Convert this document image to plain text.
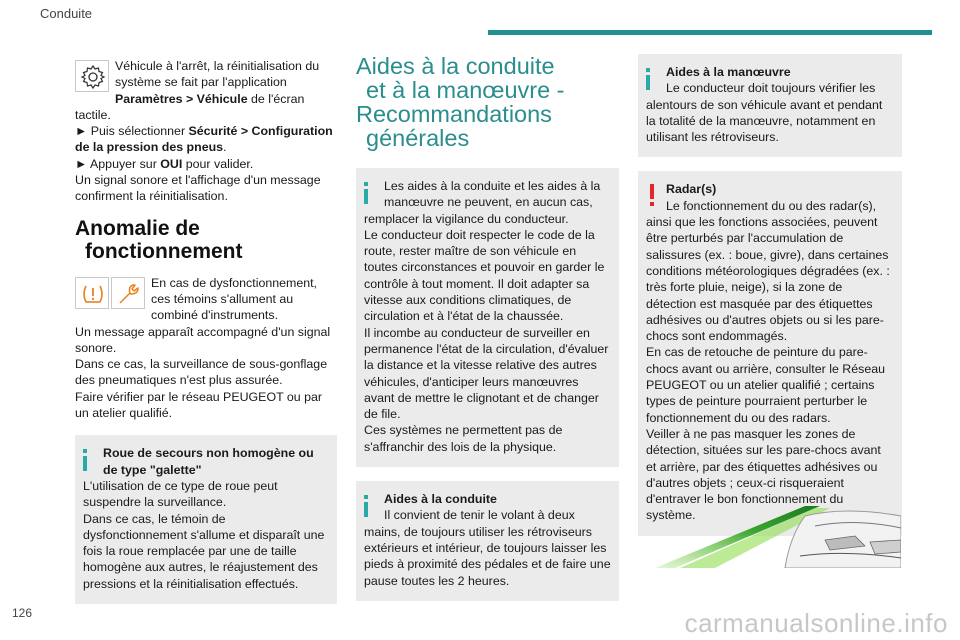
Conduite
Véhicule à l'arrêt, la réinitialisation du système se fait par l'application Paramètres > Véhicule de l'écran tactile.

► Puis sélectionner Sécurité > Configuration de la pression des pneus.

► Appuyer sur OUI pour valider.

Un signal sonore et l'affichage d'un message confirment la réinitialisation.

Anomalie de
fonctionnement
En cas de dysfonctionnement, ces témoins s'allument au combiné d'instruments.

Un message apparaît accompagné d'un signal sonore.

Dans ce cas, la surveillance de sous-gonflage des pneumatiques n'est plus assurée.

Faire vérifier par le réseau PEUGEOT ou par un atelier qualifié.

Roue de secours non homogène ou de type "galette"

L'utilisation de ce type de roue peut suspendre la surveillance.

Dans ce cas, le témoin de dysfonctionnement s'allume et disparaît une fois la roue remplacée par une de taille homogène aux autres, le réajustement des pressions et la réinitialisation effectués.

Aides à la conduite
et à la manœuvre -
Recommandations
générales

Les aides à la conduite et les aides à la manœuvre ne peuvent, en aucun cas, remplacer la vigilance du conducteur.

Le conducteur doit respecter le code de la route, rester maître de son véhicule en toutes circonstances et pouvoir en garder le contrôle à tout moment. Il doit adapter sa vitesse aux conditions climatiques, de circulation et à l'état de la chaussée.

Il incombe au conducteur de surveiller en permanence l'état de la circulation, d'évaluer la distance et la vitesse relative des autres véhicules, d'anticiper leurs manœuvres avant de mettre le clignotant et de changer de file.

Ces systèmes ne permettent pas de s'affranchir des lois de la physique.

Aides à la conduite

Il convient de tenir le volant à deux mains, de toujours utiliser les rétroviseurs extérieurs et intérieur, de toujours laisser les pieds à proximité des pédales et de faire une pause toutes les 2 heures.

Aides à la manœuvre

Le conducteur doit toujours vérifier les alentours de son véhicule avant et pendant la totalité de la manœuvre, notamment en utilisant les rétroviseurs.

Radar(s)

Le fonctionnement du ou des radar(s), ainsi que les fonctions associées, peuvent être perturbés par l'accumulation de salissures (ex. : boue, givre), dans certaines conditions météorologiques dégradées (ex. : très forte pluie, neige), si la zone de détection est masquée par des étiquettes adhésives ou d'autres objets ou si les pare-chocs sont endommagés.

En cas de retouche de peinture du pare-chocs avant ou arrière, consulter le Réseau PEUGEOT ou un atelier qualifié ; certains types de peinture pourraient perturber le fonctionnement du ou des radars.

Veiller à ne pas masquer les zones de détection, situées sur les pare-chocs avant et arrière, par des étiquettes adhésives ou d'autres objets ; ceux-ci risqueraient d'entraver le bon fonctionnement du système.

126	carmanualsonline.info
